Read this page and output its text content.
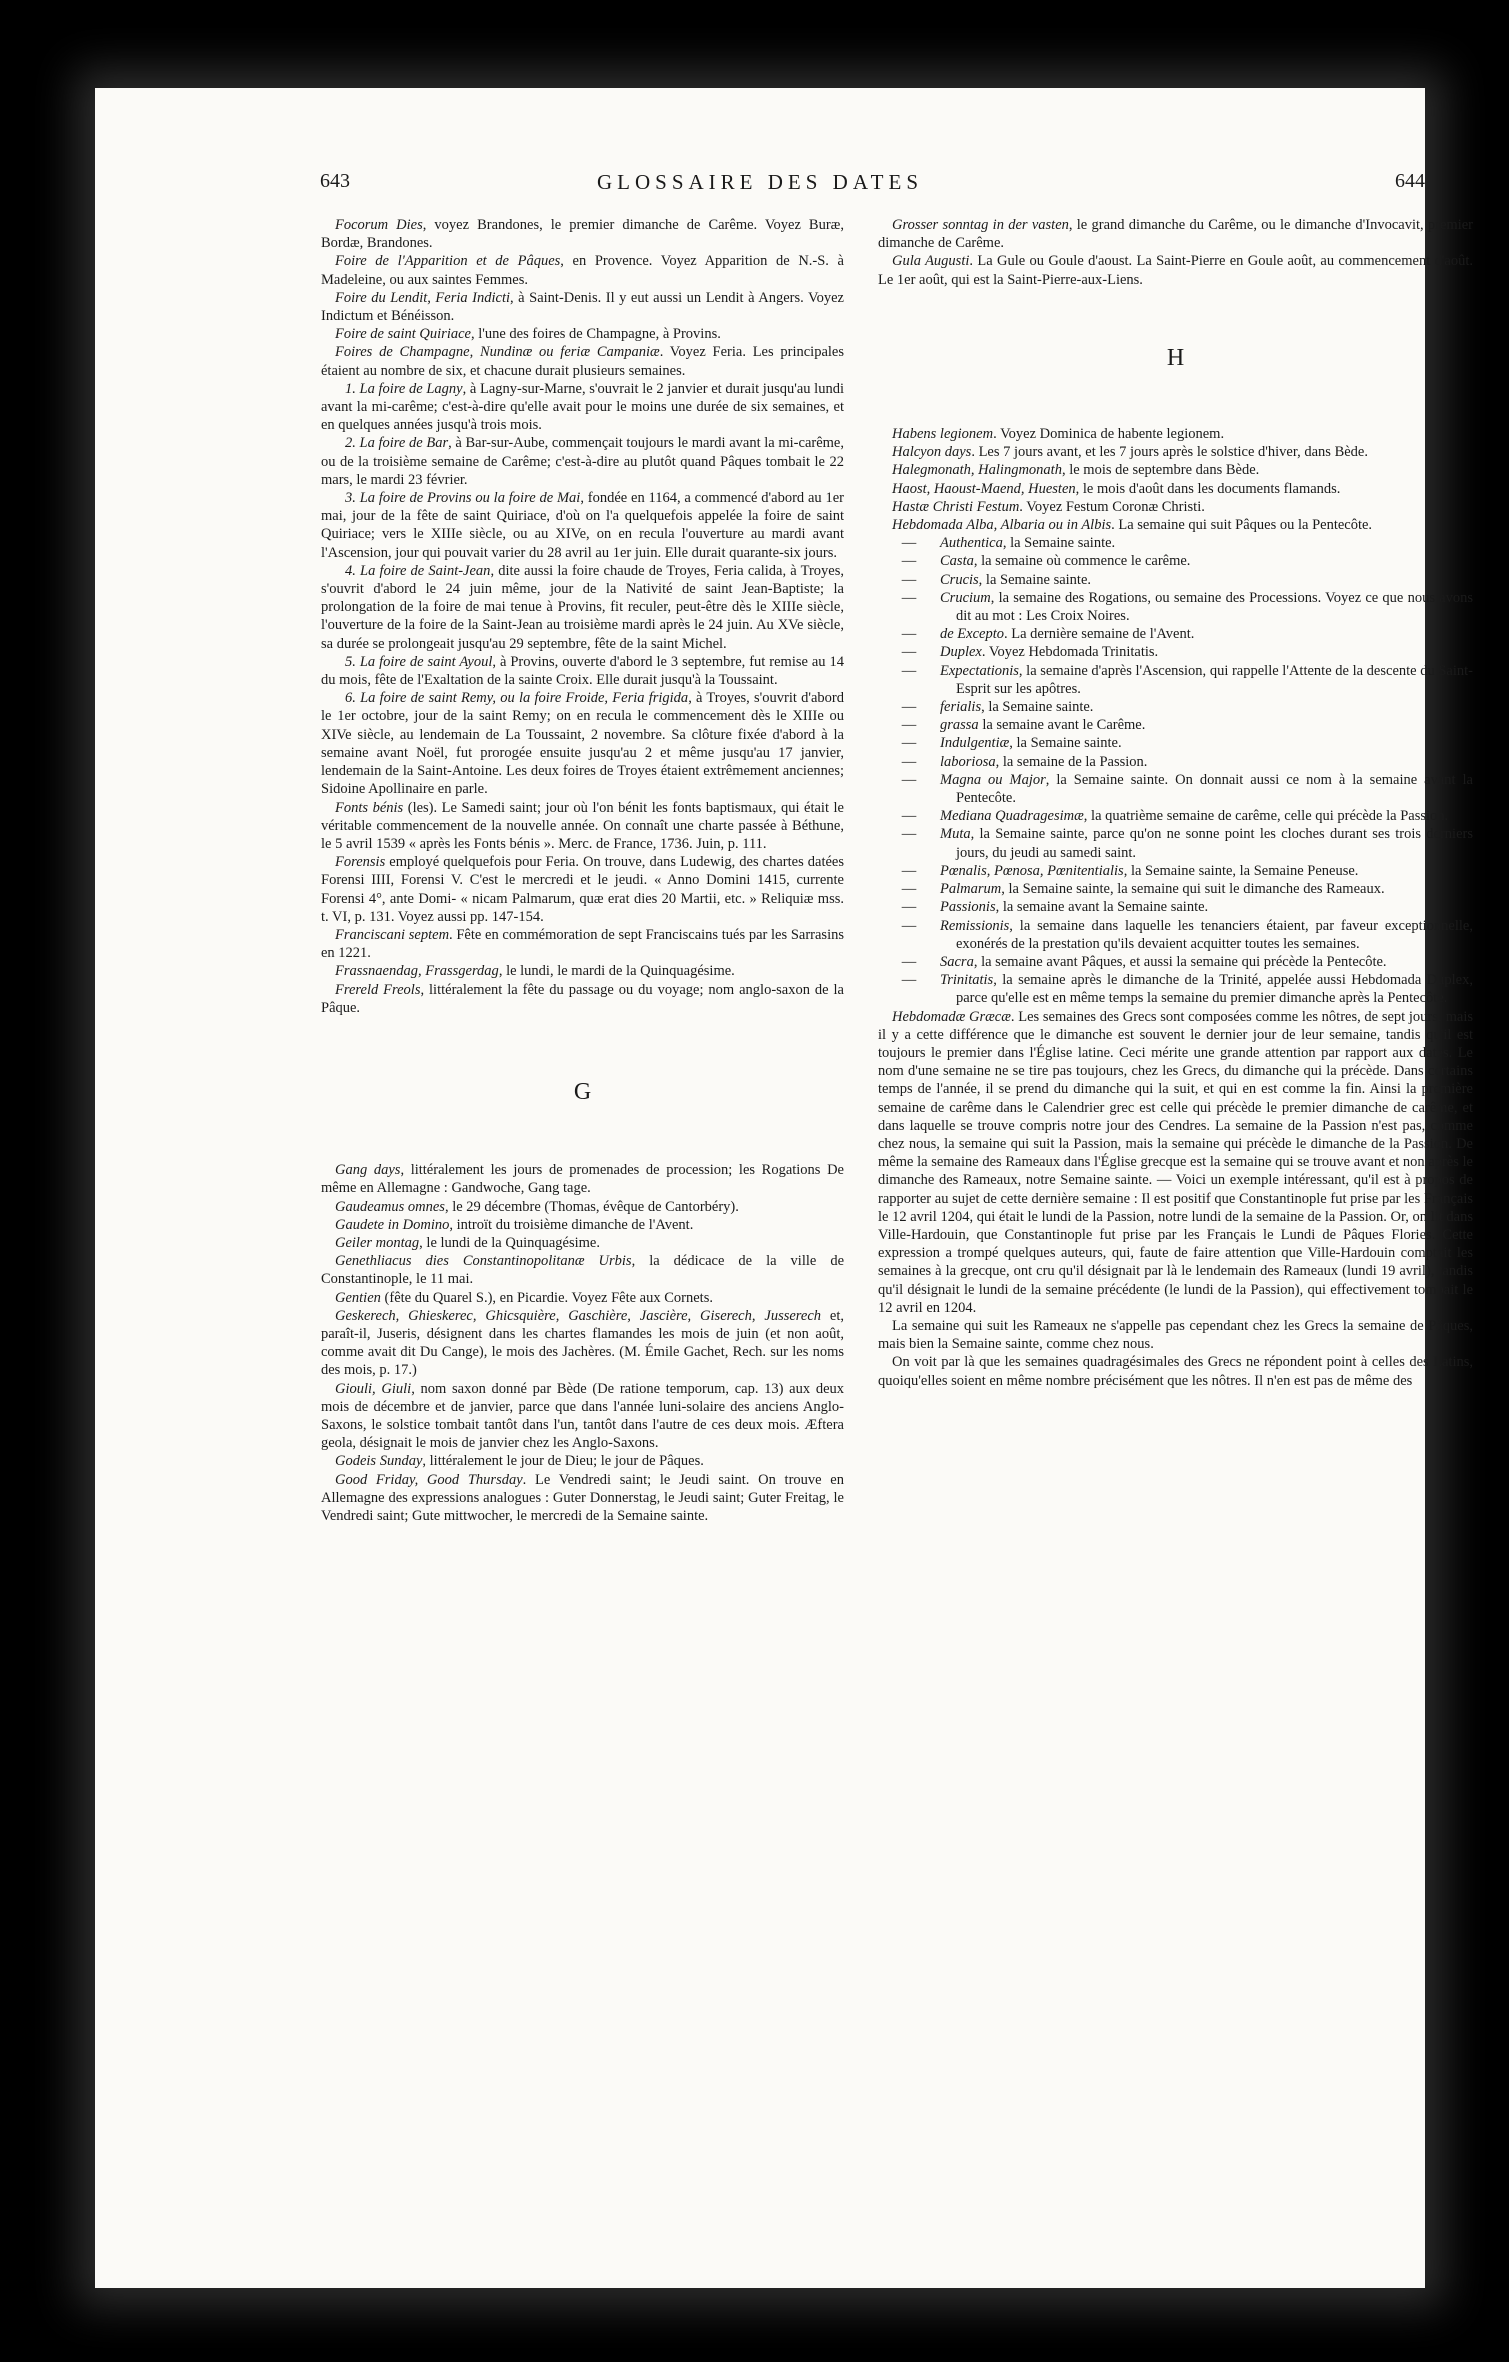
643	GLOSSAIRE DES DATES	644

Focorum Dies, voyez Brandones, le premier dimanche de Carême. Voyez Buræ, Bordæ, Brandones.

Foire de l'Apparition et de Pâques, en Provence. Voyez Apparition de N.-S. à Madeleine, ou aux saintes Femmes.

Foire du Lendit, Feria Indicti, à Saint-Denis. Il y eut aussi un Lendit à Angers. Voyez Indictum et Bénéisson.

Foire de saint Quiriace, l'une des foires de Champagne, à Provins.

Foires de Champagne, Nundinæ ou feriæ Campaniæ. Voyez Feria. Les principales étaient au nombre de six, et chacune durait plusieurs semaines.

1. La foire de Lagny, à Lagny-sur-Marne, s'ouvrait le 2 janvier et durait jusqu'au lundi avant la mi-carême; c'est-à-dire qu'elle avait pour le moins une durée de six semaines, et en quelques années jusqu'à trois mois.

2. La foire de Bar, à Bar-sur-Aube, commençait toujours le mardi avant la mi-carême, ou de la troisième semaine de Carême; c'est-à-dire au plutôt quand Pâques tombait le 22 mars, le mardi 23 février.

3. La foire de Provins ou la foire de Mai, fondée en 1164, a commencé d'abord au 1er mai, jour de la fête de saint Quiriace, d'où on l'a quelquefois appelée la foire de saint Quiriace; vers le XIIIe siècle, ou au XIVe, on en recula l'ouverture au mardi avant l'Ascension, jour qui pouvait varier du 28 avril au 1er juin. Elle durait quarante-six jours.

4. La foire de Saint-Jean, dite aussi la foire chaude de Troyes, Feria calida, à Troyes, s'ouvrit d'abord le 24 juin même, jour de la Nativité de saint Jean-Baptiste; la prolongation de la foire de mai tenue à Provins, fit reculer, peut-être dès le XIIIe siècle, l'ouverture de la foire de la Saint-Jean au troisième mardi après le 24 juin. Au XVe siècle, sa durée se prolongeait jusqu'au 29 septembre, fête de la saint Michel.

5. La foire de saint Ayoul, à Provins, ouverte d'abord le 3 septembre, fut remise au 14 du mois, fête de l'Exaltation de la sainte Croix. Elle durait jusqu'à la Toussaint.

6. La foire de saint Remy, ou la foire Froide, Feria frigida, à Troyes, s'ouvrit d'abord le 1er octobre, jour de la saint Remy; on en recula le commencement dès le XIIIe ou XIVe siècle, au lendemain de La Toussaint, 2 novembre. Sa clôture fixée d'abord à la semaine avant Noël, fut prorogée ensuite jusqu'au 2 et même jusqu'au 17 janvier, lendemain de la Saint-Antoine. Les deux foires de Troyes étaient extrêmement anciennes; Sidoine Apollinaire en parle.

Fonts bénis (les). Le Samedi saint; jour où l'on bénit les fonts baptismaux, qui était le véritable commencement de la nouvelle année. On connaît une charte passée à Béthune, le 5 avril 1539 « après les Fonts bénis ». Merc. de France, 1736. Juin, p. 111.

Forensis employé quelquefois pour Feria. On trouve, dans Ludewig, des chartes datées Forensi IIII, Forensi V. C'est le mercredi et le jeudi. « Anno Domini 1415, currente Forensi 4°, ante Domi- « nicam Palmarum, quæ erat dies 20 Martii, etc. » Reliquiæ mss. t. VI, p. 131. Voyez aussi pp. 147-154.

Franciscani septem. Fête en commémoration de sept Franciscains tués par les Sarrasins en 1221.

Frassnaendag, Frassgerdag, le lundi, le mardi de la Quinquagésime.

Frereld Freols, littéralement la fête du passage ou du voyage; nom anglo-saxon de la Pâque.

G

Gang days, littéralement les jours de promenades de procession; les Rogations De même en Allemagne : Gandwoche, Gang tage.

Gaudeamus omnes, le 29 décembre (Thomas, évêque de Cantorbéry).

Gaudete in Domino, introït du troisième dimanche de l'Avent.

Geiler montag, le lundi de la Quinquagésime.

Genethliacus dies Constantinopolitanæ Urbis, la dédicace de la ville de Constantinople, le 11 mai.

Gentien (fête du Quarel S.), en Picardie. Voyez Fête aux Cornets.

Geskerech, Ghieskerec, Ghicsquière, Gaschière, Jascière, Giserech, Jusserech et, paraît-il, Juseris, désignent dans les chartes flamandes les mois de juin (et non août, comme avait dit Du Cange), le mois des Jachères. (M. Émile Gachet, Rech. sur les noms des mois, p. 17.)

Giouli, Giuli, nom saxon donné par Bède (De ratione temporum, cap. 13) aux deux mois de décembre et de janvier, parce que dans l'année luni-solaire des anciens Anglo-Saxons, le solstice tombait tantôt dans l'un, tantôt dans l'autre de ces deux mois. Æftera geola, désignait le mois de janvier chez les Anglo-Saxons.

Godeis Sunday, littéralement le jour de Dieu; le jour de Pâques.

Good Friday, Good Thursday. Le Vendredi saint; le Jeudi saint. On trouve en Allemagne des expressions analogues : Guter Donnerstag, le Jeudi saint; Guter Freitag, le Vendredi saint; Gute mittwocher, le mercredi de la Semaine sainte.

Grosser sonntag in der vasten, le grand dimanche du Carême, ou le dimanche d'Invocavit, premier dimanche de Carême.

Gula Augusti. La Gule ou Goule d'aoust. La Saint-Pierre en Goule août, au commencement d'août. Le 1er août, qui est la Saint-Pierre-aux-Liens.

H

Habens legionem. Voyez Dominica de habente legionem.

Halcyon days. Les 7 jours avant, et les 7 jours après le solstice d'hiver, dans Bède.

Halegmonath, Halingmonath, le mois de septembre dans Bède.

Haost, Haoust-Maend, Huesten, le mois d'août dans les documents flamands.

Hastæ Christi Festum. Voyez Festum Coronæ Christi.

Hebdomada Alba, Albaria ou in Albis. La semaine qui suit Pâques ou la Pentecôte.

—	Authentica, la Semaine sainte.
—	Casta, la semaine où commence le carême.
—	Crucis, la Semaine sainte.
—	Crucium, la semaine des Rogations, ou semaine des Processions. Voyez ce que nous avons dit au mot : Les Croix Noires.
—	de Excepto. La dernière semaine de l'Avent.
—	Duplex. Voyez Hebdomada Trinitatis.
—	Expectationis, la semaine d'après l'Ascension, qui rappelle l'Attente de la descente du Saint-Esprit sur les apôtres.
—	ferialis, la Semaine sainte.
—	grassa la semaine avant le Carême.
—	Indulgentiæ, la Semaine sainte.
—	laboriosa, la semaine de la Passion.
—	Magna ou Major, la Semaine sainte. On donnait aussi ce nom à la semaine avant la Pentecôte.
—	Mediana Quadragesimæ, la quatrième semaine de carême, celle qui précède la Passion.
—	Muta, la Semaine sainte, parce qu'on ne sonne point les cloches durant ses trois derniers jours, du jeudi au samedi saint.
—	Pœnalis, Pœnosa, Pœnitentialis, la Semaine sainte, la Semaine Peneuse.
—	Palmarum, la Semaine sainte, la semaine qui suit le dimanche des Rameaux.
—	Passionis, la semaine avant la Semaine sainte.
—	Remissionis, la semaine dans laquelle les tenanciers étaient, par faveur exceptionnelle, exonérés de la prestation qu'ils devaient acquitter toutes les semaines.
—	Sacra, la semaine avant Pâques, et aussi la semaine qui précède la Pentecôte.
—	Trinitatis, la semaine après le dimanche de la Trinité, appelée aussi Hebdomada Duplex, parce qu'elle est en même temps la semaine du premier dimanche après la Pentecôte.

Hebdomadæ Græcæ. Les semaines des Grecs sont composées comme les nôtres, de sept jours; mais il y a cette différence que le dimanche est souvent le dernier jour de leur semaine, tandis qu'il est toujours le premier dans l'Église latine. Ceci mérite une grande attention par rapport aux dates. Le nom d'une semaine ne se tire pas toujours, chez les Grecs, du dimanche qui la précède. Dans certains temps de l'année, il se prend du dimanche qui la suit, et qui en est comme la fin. Ainsi la première semaine de carême dans le Calendrier grec est celle qui précède le premier dimanche de carême, et dans laquelle se trouve compris notre jour des Cendres. La semaine de la Passion n'est pas, comme chez nous, la semaine qui suit la Passion, mais la semaine qui précède le dimanche de la Passion. De même la semaine des Rameaux dans l'Église grecque est la semaine qui se trouve avant et non après le dimanche des Rameaux, notre Semaine sainte. — Voici un exemple intéressant, qu'il est à propos de rapporter au sujet de cette dernière semaine : Il est positif que Constantinople fut prise par les Français le 12 avril 1204, qui était le lundi de la Passion, notre lundi de la semaine de la Passion. Or, on lit dans Ville-Hardouin, que Constantinople fut prise par les Français le Lundi de Pâques Flories. Cette expression a trompé quelques auteurs, qui, faute de faire attention que Ville-Hardouin comptait les semaines à la grecque, ont cru qu'il désignait par là le lendemain des Rameaux (lundi 19 avril), tandis qu'il désignait le lundi de la semaine précédente (le lundi de la Passion), qui effectivement tombait le 12 avril en 1204.

La semaine qui suit les Rameaux ne s'appelle pas cependant chez les Grecs la semaine de Pâques, mais bien la Semaine sainte, comme chez nous.

On voit par là que les semaines quadragésimales des Grecs ne répondent point à celles des Latins, quoiqu'elles soient en même nombre précisément que les nôtres. Il n'en est pas de même des
